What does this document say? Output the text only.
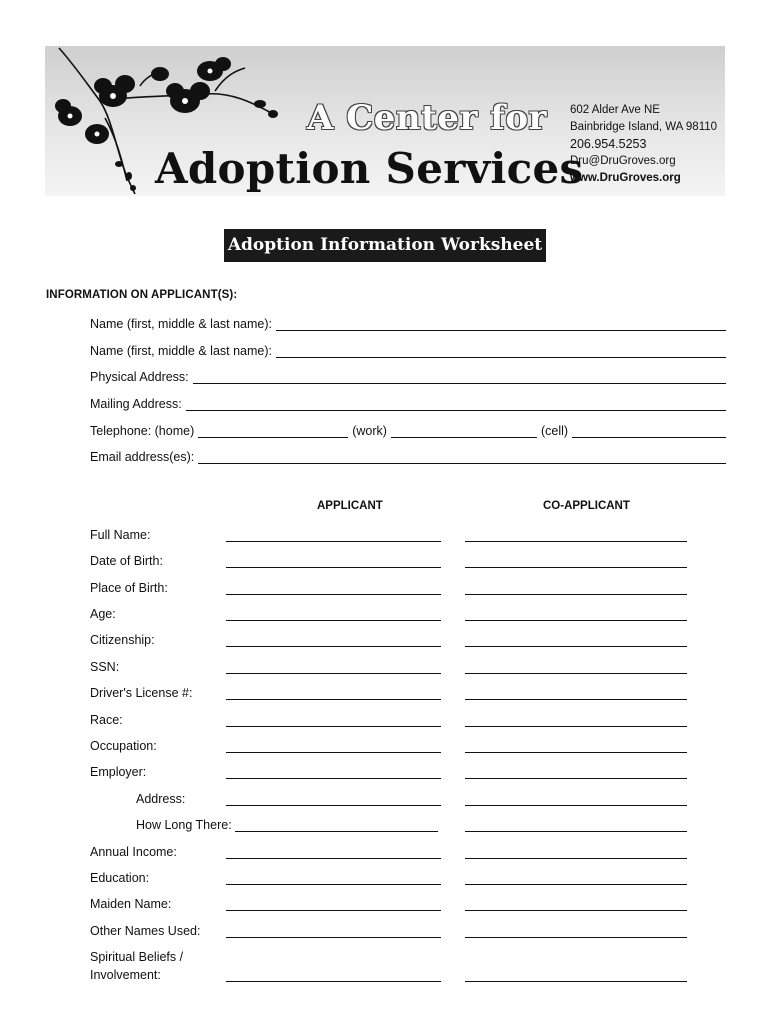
A Center for
Adoption Services
602 Alder Ave NE
Bainbridge Island, WA 98110
206.954.5253
Dru@DruGroves.org
www.DruGroves.org
Adoption Information Worksheet
INFORMATION ON APPLICANT(S):
Name (first, middle & last name):
Name (first, middle & last name):
Physical Address:
Mailing Address:
Telephone: (home)	(work)	(cell)
Email address(es):
APPLICANT	CO-APPLICANT
Full Name:
Date of Birth:
Place of Birth:
Age:
Citizenship:
SSN:
Driver's License #:
Race:
Occupation:
Employer:
Address:
How Long There:
Annual Income:
Education:
Maiden Name:
Other Names Used:
Spiritual Beliefs /
Involvement:
